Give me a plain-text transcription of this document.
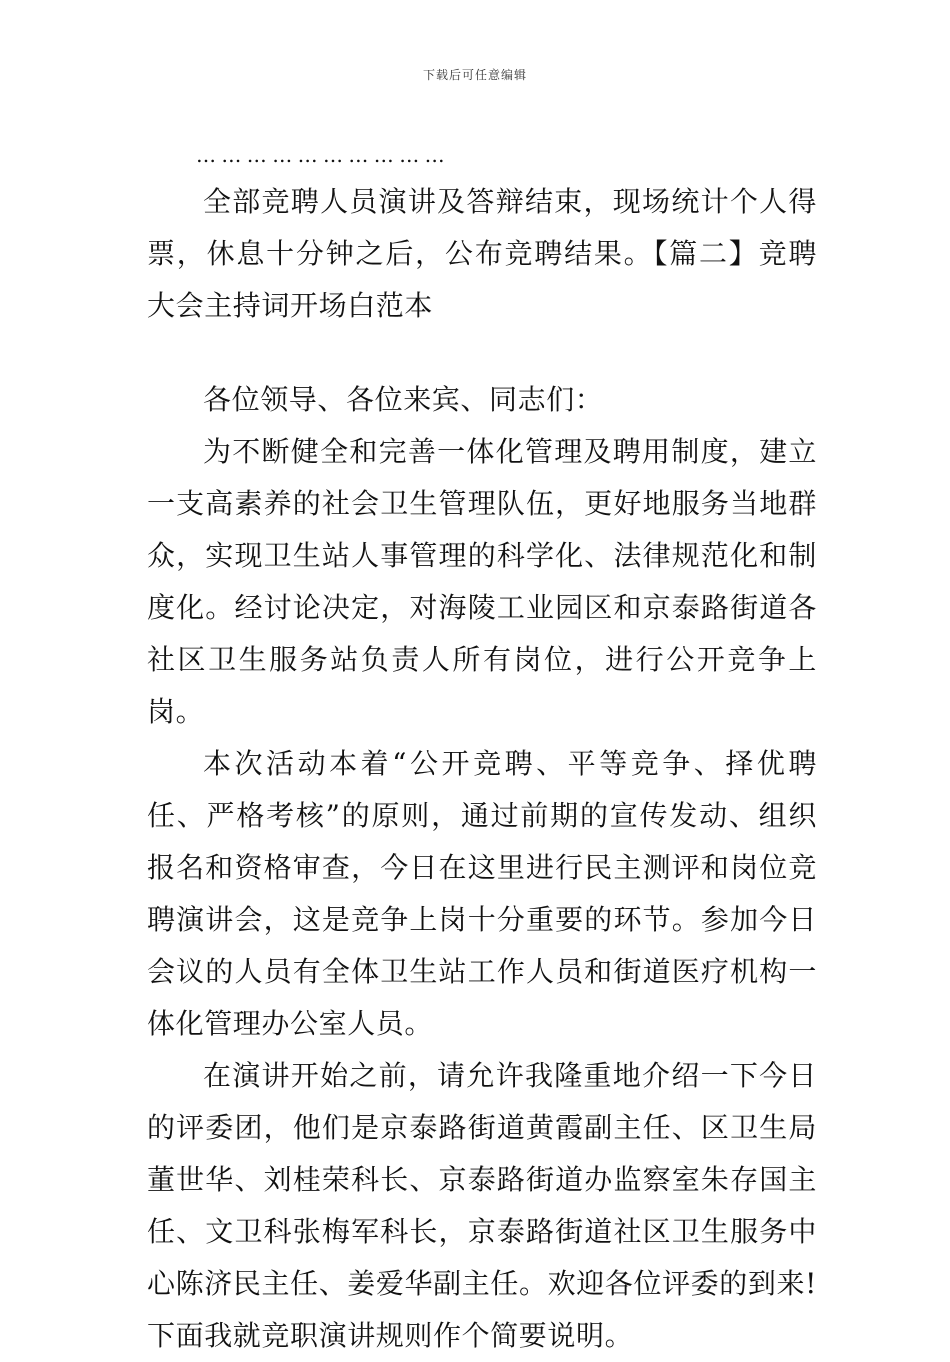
下载后可任意编辑
…………………………

全部竞聘人员演讲及答辩结束，现场统计个人得票，休息十分钟之后，公布竞聘结果。【篇二】竞聘大会主持词开场白范本

各位领导、各位来宾、同志们：

为不断健全和完善一体化管理及聘用制度，建立一支高素养的社会卫生管理队伍，更好地服务当地群众，实现卫生站人事管理的科学化、法律规范化和制度化。经讨论决定，对海陵工业园区和京泰路街道各社区卫生服务站负责人所有岗位，进行公开竞争上岗。

本次活动本着“公开竞聘、平等竞争、择优聘任、严格考核”的原则，通过前期的宣传发动、组织报名和资格审查，今日在这里进行民主测评和岗位竞聘演讲会，这是竞争上岗十分重要的环节。参加今日会议的人员有全体卫生站工作人员和街道医疗机构一体化管理办公室人员。

在演讲开始之前，请允许我隆重地介绍一下今日的评委团，他们是京泰路街道黄霞副主任、区卫生局董世华、刘桂荣科长、京泰路街道办监察室朱存国主任、文卫科张梅军科长，京泰路街道社区卫生服务中心陈济民主任、姜爱华副主任。欢迎各位评委的到来!下面我就竞职演讲规则作个简要说明。
